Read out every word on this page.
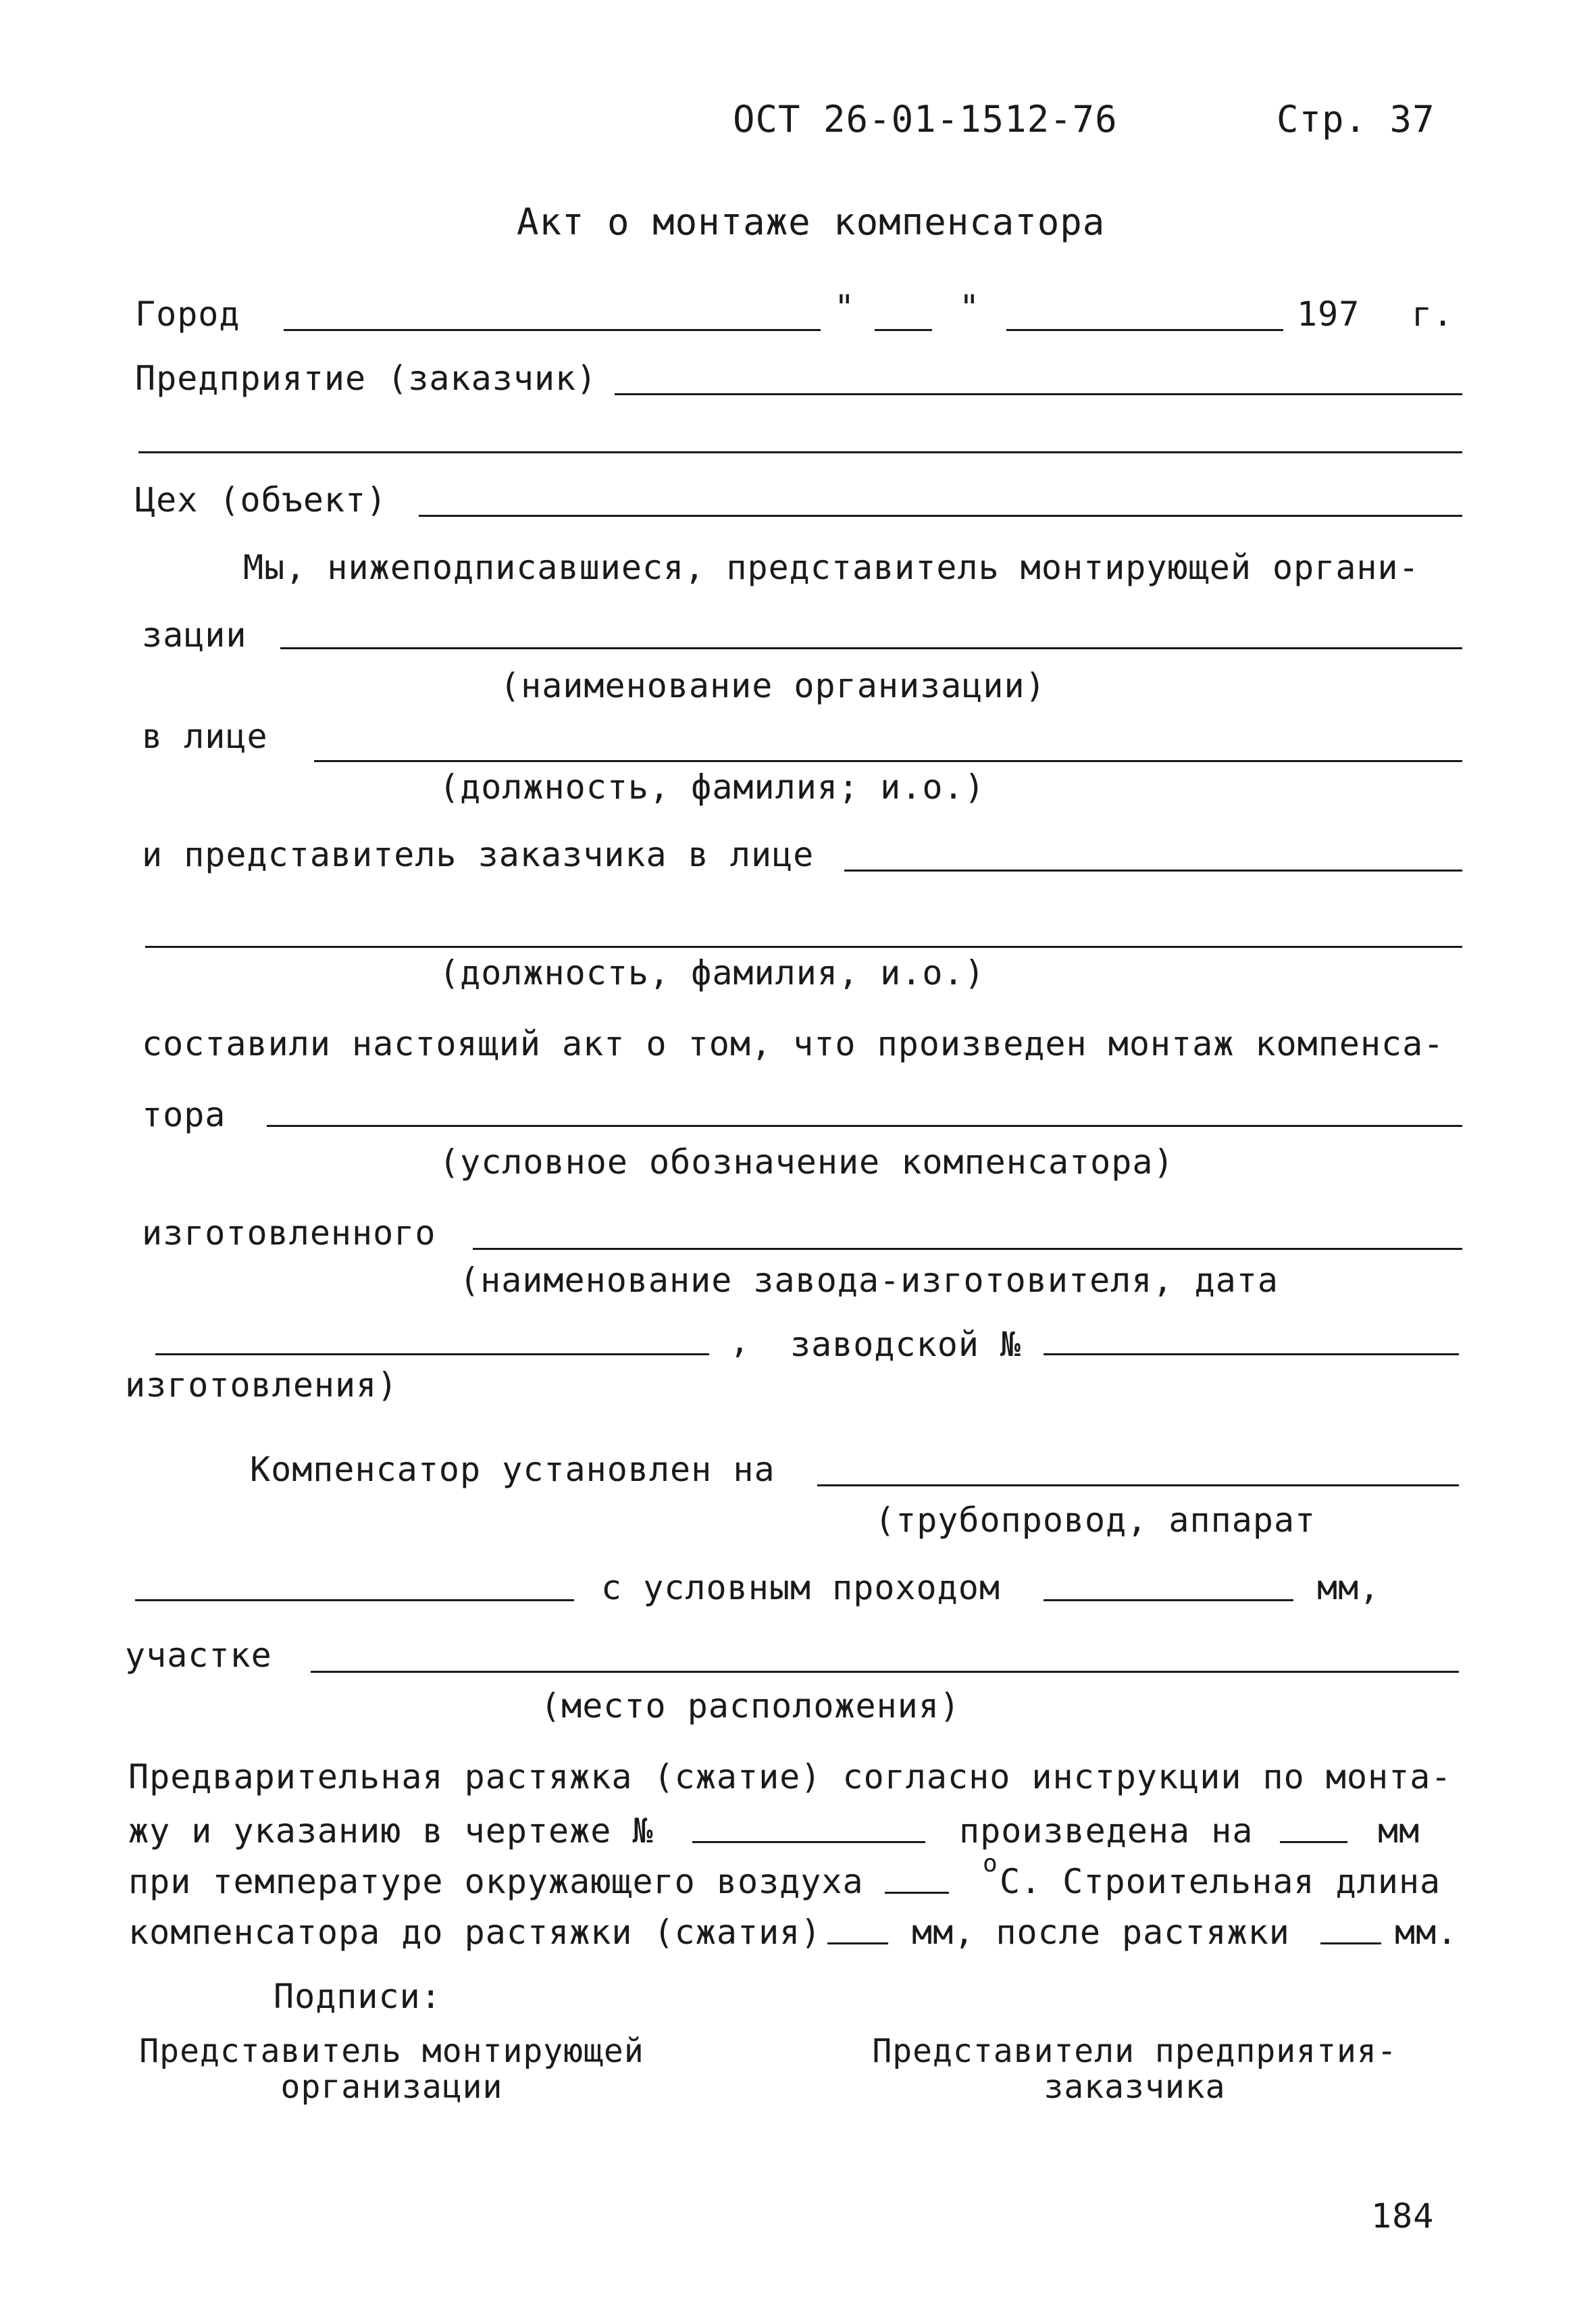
ОСТ 26-01-1512-76	Стр. 37
Акт о монтаже компенсатора
Город	"	"	197 г.
Предприятие (заказчик)
Цех (объект)
Мы, нижеподписавшиеся, представитель монтирующей органи-
зации
(наименование организации)
в лице
(должность, фамилия; и.о.)
и представитель заказчика в лице
(должность, фамилия, и.о.)
составили настоящий акт о том, что произведен монтаж компенса-
тора
(условное обозначение компенсатора)
изготовленного
(наименование завода-изготовителя, дата
, заводской №
изготовления)
Компенсатор установлен на
(трубопровод, аппарат
с условным проходом	мм,
участке
(место расположения)
Предварительная растяжка (сжатие) согласно инструкции по монта-
жу и указанию в чертеже №	произведена на	мм
при температуре окружающего воздуха	o С. Строительная длина
компенсатора до растяжки (сжатия)	мм, после растяжки	мм.
Подписи:
Представитель монтирующей
организации
Представители предприятия-
заказчика
184
